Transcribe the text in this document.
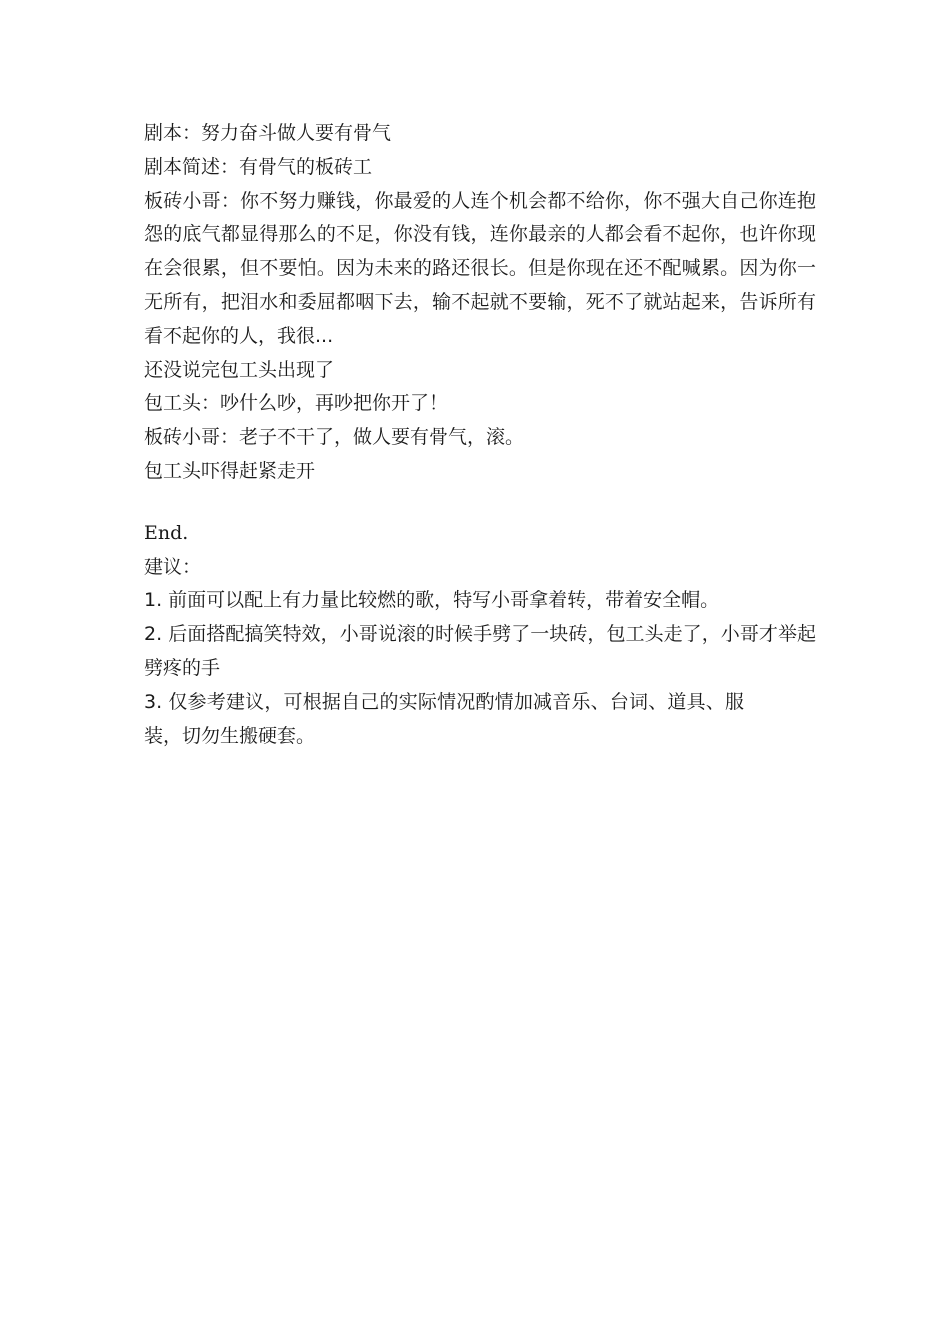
剧本：努力奋斗做人要有骨气
剧本简述：有骨气的板砖工
板砖小哥：你不努力赚钱，你最爱的人连个机会都不给你，你不强大自己你连抱怨的底气都显得那么的不足，你没有钱，连你最亲的人都会看不起你，也许你现在会很累，但不要怕。因为未来的路还很长。但是你现在还不配喊累。因为你一无所有，把泪水和委屈都咽下去，输不起就不要输，死不了就站起来，告诉所有看不起你的人，我很...
还没说完包工头出现了
包工头：吵什么吵，再吵把你开了！
板砖小哥：老子不干了，做人要有骨气，滚。
包工头吓得赶紧走开
End.
建议：
1. 前面可以配上有力量比较燃的歌，特写小哥拿着转，带着安全帽。
2. 后面搭配搞笑特效，小哥说滚的时候手劈了一块砖，包工头走了，小哥才举起劈疼的手
3. 仅参考建议，可根据自己的实际情况酌情加减音乐、台词、道具、服装，切勿生搬硬套。
